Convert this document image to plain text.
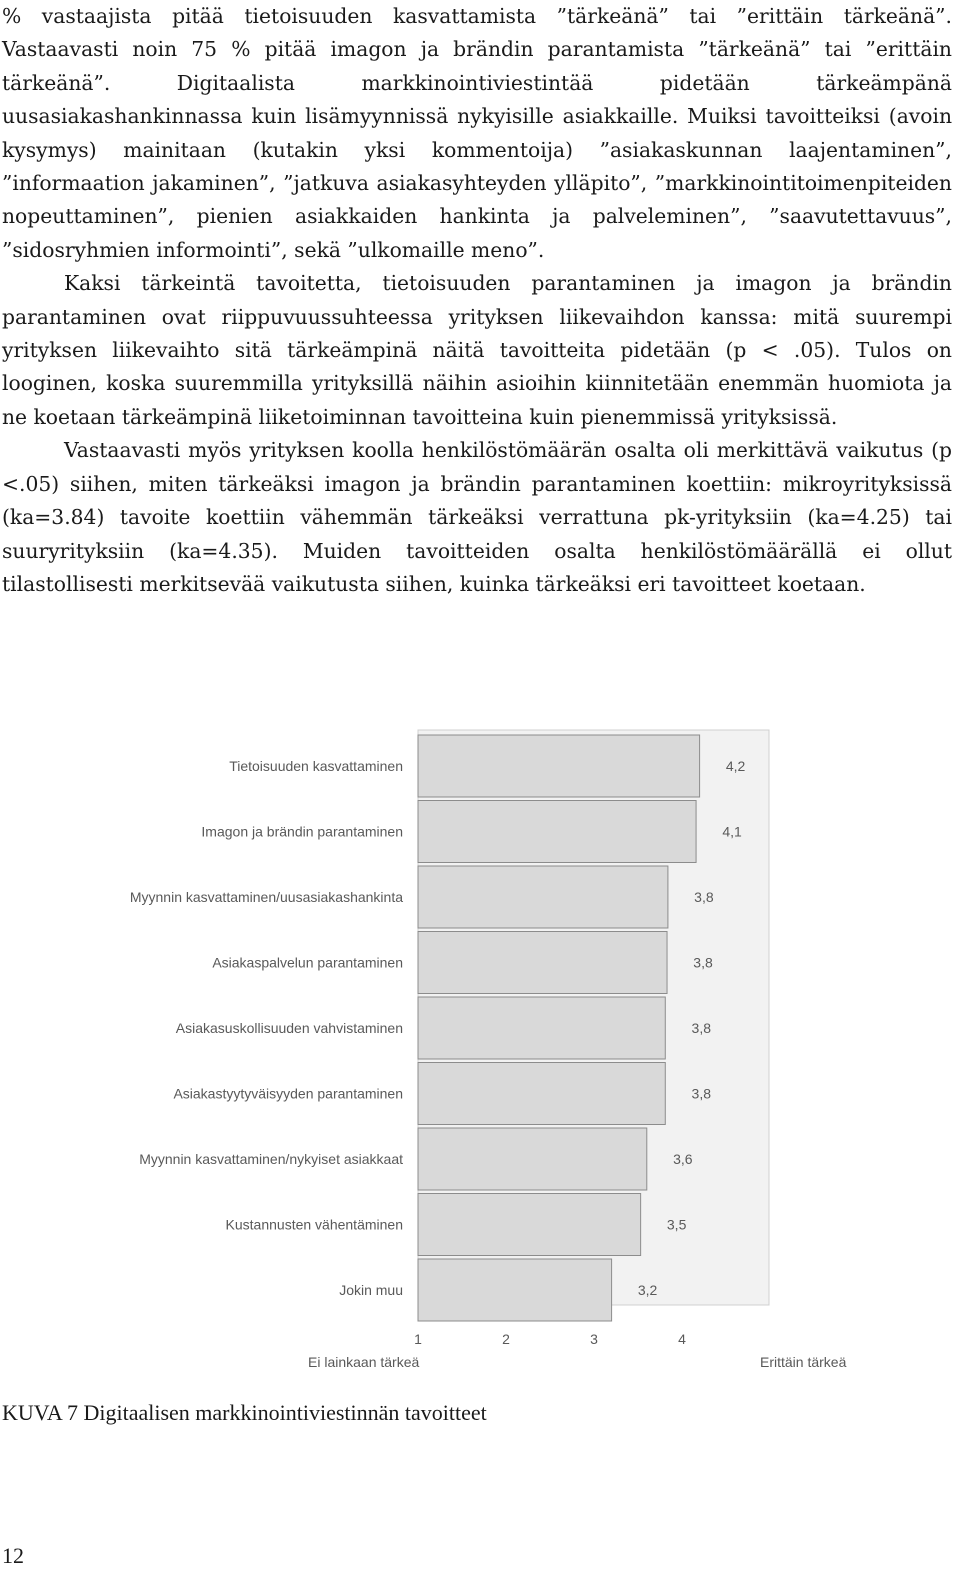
% vastaajista pitää tietoisuuden kasvattamista ”tärkeänä” tai ”erittäin tärkeänä”. Vastaavasti noin 75 % pitää imagon ja brändin parantamista ”tärkeänä” tai ”erittäin tärkeänä”. Digitaalista markkinointiviestintää pidetään tärkeämpänä uusasiakashankinnassa kuin lisämyynnissä nykyisille asiakkaille. Muiksi tavoitteiksi (avoin kysymys) mainitaan (kutakin yksi kommentoija) ”asiakaskunnan laajentaminen”, ”informaation jakaminen”, ”jatkuva asiakasyhteyden ylläpito”, ”markkinointitoimenpiteiden nopeuttaminen”, pienien asiakkaiden hankinta ja palveleminen”, ”saavutettavuus”, ”sidosryhmien informointi”, sekä ”ulkomaille meno”.

Kaksi tärkeintä tavoitetta, tietoisuuden parantaminen ja imagon ja brändin parantaminen ovat riippuvuussuhteessa yrityksen liikevaihdon kanssa: mitä suurempi yrityksen liikevaihto sitä tärkeämpinä näitä tavoitteita pidetään (p < .05). Tulos on looginen, koska suuremmilla yrityksillä näihin asioihin kiinnitetään enemmän huomiota ja ne koetaan tärkeämpinä liiketoiminnan tavoitteina kuin pienemmissä yrityksissä.

Vastaavasti myös yrityksen koolla henkilöstömäärän osalta oli merkittävä vaikutus (p <.05) siihen, miten tärkeäksi imagon ja brändin parantaminen koettiin: mikroyrityksissä (ka=3.84) tavoite koettiin vähemmän tärkeäksi verrattuna pk-yrityksiin (ka=4.25) tai suuryrityksiin (ka=4.35). Muiden tavoitteiden osalta henkilöstömäärällä ei ollut tilastollisesti merkitsevää vaikutusta siihen, kuinka tärkeäksi eri tavoitteet koetaan.

Tietoisuuden kasvattaminen	4,2
Imagon ja brändin parantaminen	4,1
Myynnin kasvattaminen/uusasiakashankinta	3,8
Asiakaspalvelun parantaminen	3,8
Asiakasuskollisuuden vahvistaminen	3,8
Asiakastyytyväisyyden parantaminen	3,8
Myynnin kasvattaminen/nykyiset asiakkaat	3,6
Kustannusten vähentäminen	3,5
Jokin muu	3,2
1	2	3	4
Ei lainkaan tärkeä	Erittäin tärkeä
KUVA 7 Digitaalisen markkinointiviestinnän tavoitteet
12
